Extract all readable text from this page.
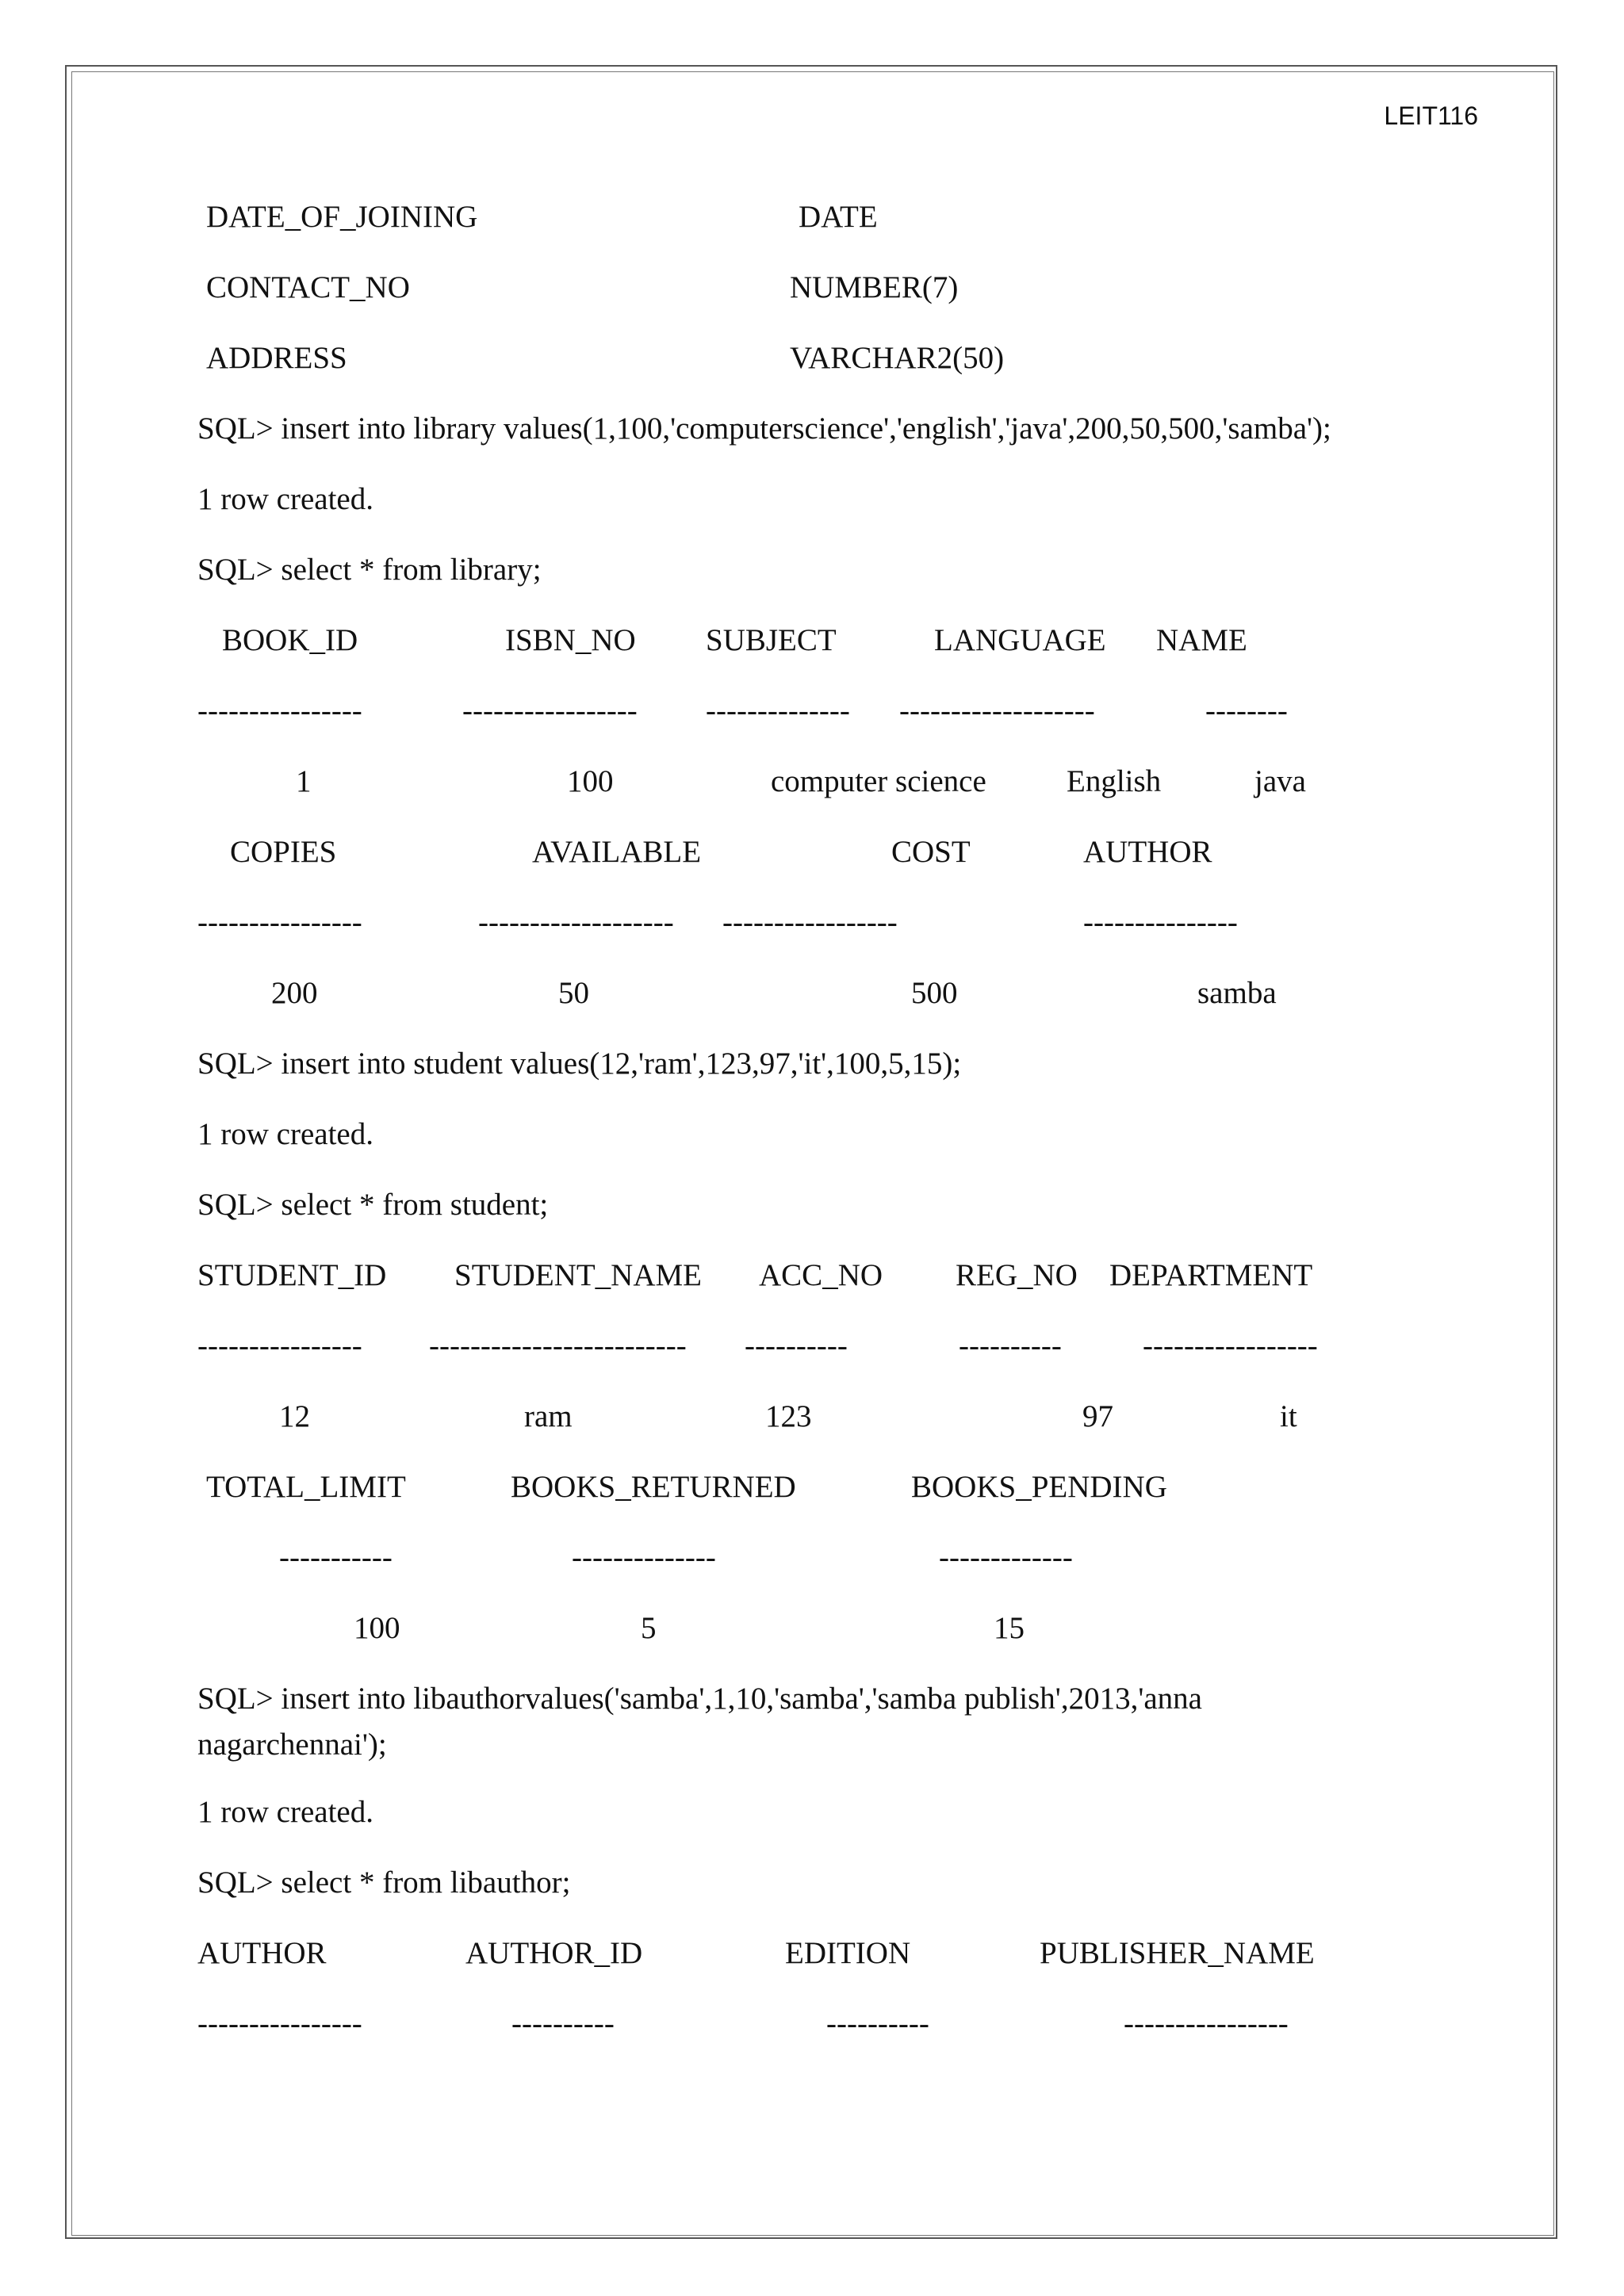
LEIT116
DATE_OF_JOINING	DATE
CONTACT_NO	NUMBER(7)
ADDRESS	VARCHAR2(50)
SQL> insert into library values(1,100,'computerscience','english','java',200,50,500,'samba');
1 row created.
SQL> select * from library;
BOOK_ID	ISBN_NO SUBJECT	LANGUAGE NAME
----------------	----------------- -------------- -------------------	--------
1	100	computer science	English	java
COPIES	AVAILABLE	COST	AUTHOR
----------------	------------------- -----------------	---------------
200	50	500	samba
SQL> insert into student values(12,'ram',123,97,'it',100,5,15);
1 row created.
SQL> select * from student;
STUDENT_ID STUDENT_NAME ACC_NO REG_NO DEPARTMENT
---------------- ------------------------- ----------	----------	-----------------
12	ram	123	97	it
TOTAL_LIMIT	BOOKS_RETURNED	BOOKS_PENDING
-----------	--------------	-------------
100	5	15
SQL> insert into libauthorvalues('samba',1,10,'samba','samba publish',2013,'anna
nagarchennai');
1 row created.
SQL> select * from libauthor;
AUTHOR	AUTHOR_ID	EDITION	PUBLISHER_NAME
----------------	----------	----------	----------------
